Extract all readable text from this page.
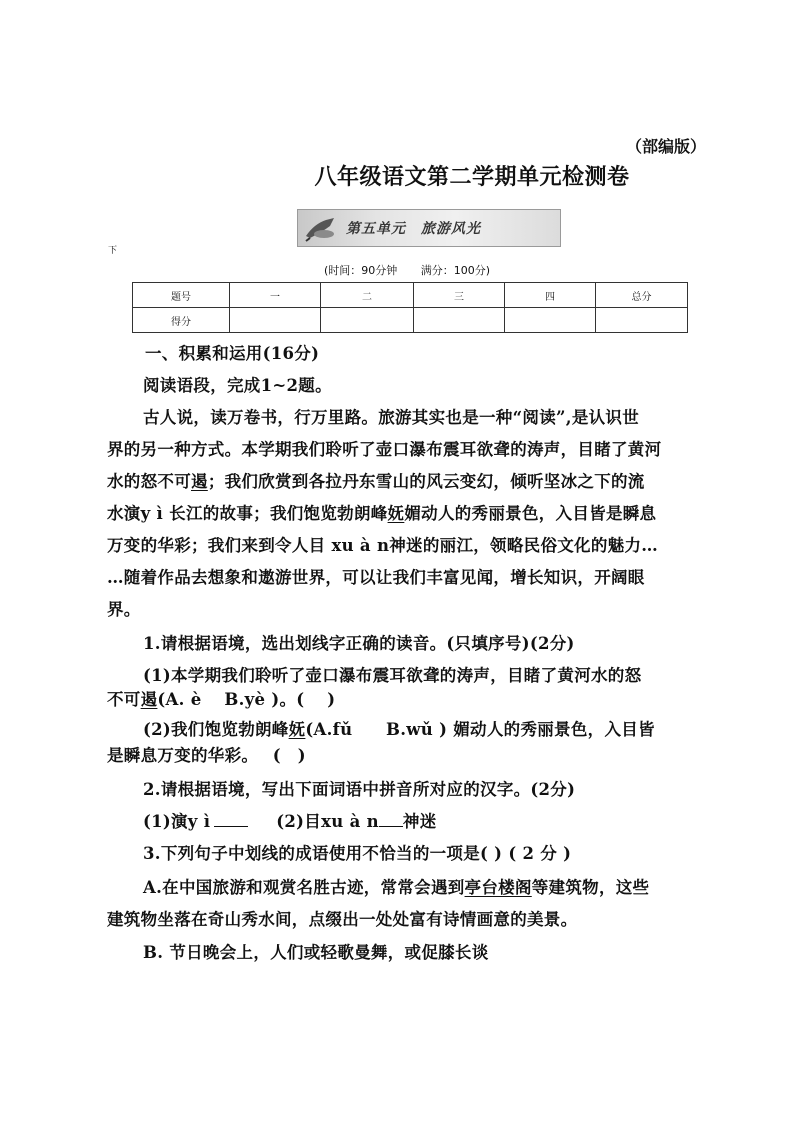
（部编版）
八年级语文第二学期单元检测卷
第五单元　旅游风光
下
(时间：90分钟 满分：100分)
题号	一	二	三	四	总分
得分					
一、积累和运用(16分)
阅读语段，完成1~2题。
古人说，读万卷书，行万里路。旅游其实也是一种“阅读”,是认识世
界的另一种方式。本学期我们聆听了壶口瀑布震耳欲聋的涛声，目睹了黄河
水的怒不可遏；我们欣赏到各拉丹东雪山的风云变幻，倾听坚冰之下的流
水演y ì 长江的故事；我们饱览勃朗峰妩媚动人的秀丽景色，入目皆是瞬息
万变的华彩；我们来到令人目 xu à n神迷的丽江，领略民俗文化的魅力…
…随着作品去想象和遨游世界，可以让我们丰富见闻，增长知识，开阔眼
界。
1.请根据语境，选出划线字正确的读音。(只填序号)(2分)
(1)本学期我们聆听了壶口瀑布震耳欲聋的涛声，目睹了黄河水的怒
不可遏(A. è　 B.yè )。(　 )
(2)我们饱览勃朗峰妩(A.fǔ　　B.wǔ ) 媚动人的秀丽景色，入目皆
是瞬息万变的华彩。　 (　)
2.请根据语境，写出下面词语中拼音所对应的汉字。(2分)
(1)演y ì	(2)目xu à n 神迷
3.下列句子中划线的成语使用不恰当的一项是( ) ( 2 分 )
A.在中国旅游和观赏名胜古迹，常常会遇到亭台楼阁等建筑物，这些
建筑物坐落在奇山秀水间，点缀出一处处富有诗情画意的美景。
B. 节日晚会上，人们或轻歌曼舞，或促膝长谈
